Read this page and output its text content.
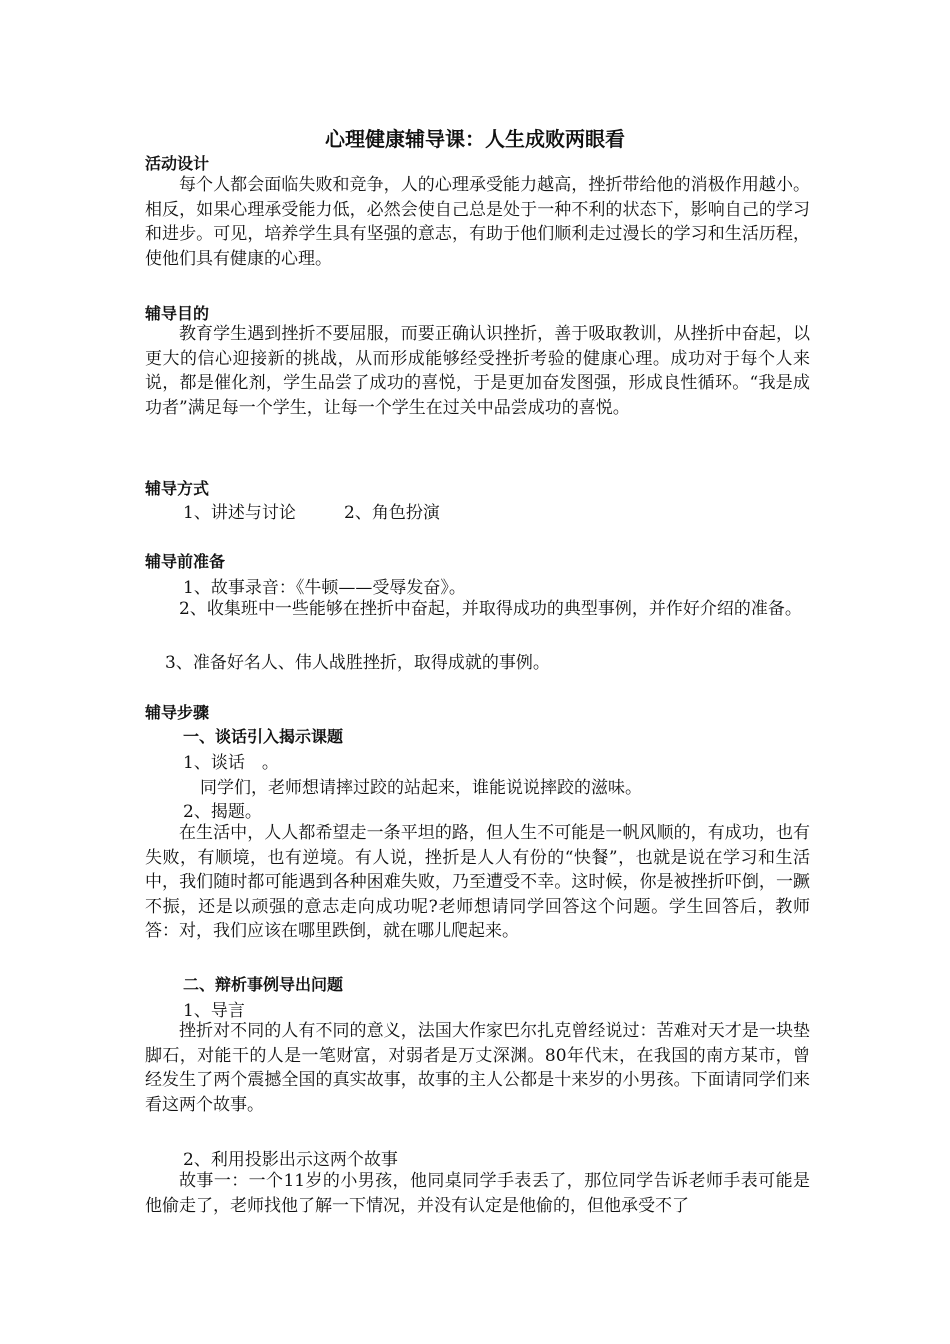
心理健康辅导课：人生成败两眼看
活动设计

每个人都会面临失败和竞争，人的心理承受能力越高，挫折带给他的消极作用越小。相反，如果心理承受能力低，必然会使自己总是处于一种不利的状态下，影响自己的学习和进步。可见，培养学生具有坚强的意志，有助于他们顺利走过漫长的学习和生活历程，使他们具有健康的心理。

辅导目的

教育学生遇到挫折不要屈服，而要正确认识挫折，善于吸取教训，从挫折中奋起，以更大的信心迎接新的挑战，从而形成能够经受挫折考验的健康心理。成功对于每个人来说，都是催化剂，学生品尝了成功的喜悦，于是更加奋发图强，形成良性循环。“我是成功者”满足每一个学生，让每一个学生在过关中品尝成功的喜悦。

辅导方式
1、讲述与讨论	2、角色扮演
辅导前准备
1、故事录音：《牛顿——受辱发奋》。

2、收集班中一些能够在挫折中奋起，并取得成功的典型事例，并作好介绍的准备。

3、准备好名人、伟人战胜挫折，取得成就的事例。
辅导步骤
一、谈话引入揭示课题
1、谈话　。
同学们，老师想请摔过跤的站起来，谁能说说摔跤的滋味。
2、揭题。

在生活中，人人都希望走一条平坦的路，但人生不可能是一帆风顺的，有成功，也有失败，有顺境，也有逆境。有人说，挫折是人人有份的“快餐”，也就是说在学习和生活中，我们随时都可能遇到各种困难失败，乃至遭受不幸。这时候，你是被挫折吓倒，一蹶不振，还是以顽强的意志走向成功呢?老师想请同学回答这个问题。学生回答后，教师答：对，我们应该在哪里跌倒，就在哪儿爬起来。

二、辩析事例导出问题
1、导言

挫折对不同的人有不同的意义，法国大作家巴尔扎克曾经说过：苦难对天才是一块垫脚石，对能干的人是一笔财富，对弱者是万丈深渊。80年代末，在我国的南方某市，曾经发生了两个震撼全国的真实故事，故事的主人公都是十来岁的小男孩。下面请同学们来看这两个故事。

2、利用投影出示这两个故事

故事一：一个11岁的小男孩，他同桌同学手表丢了，那位同学告诉老师手表可能是他偷走了，老师找他了解一下情况，并没有认定是他偷的，但他承受不了
